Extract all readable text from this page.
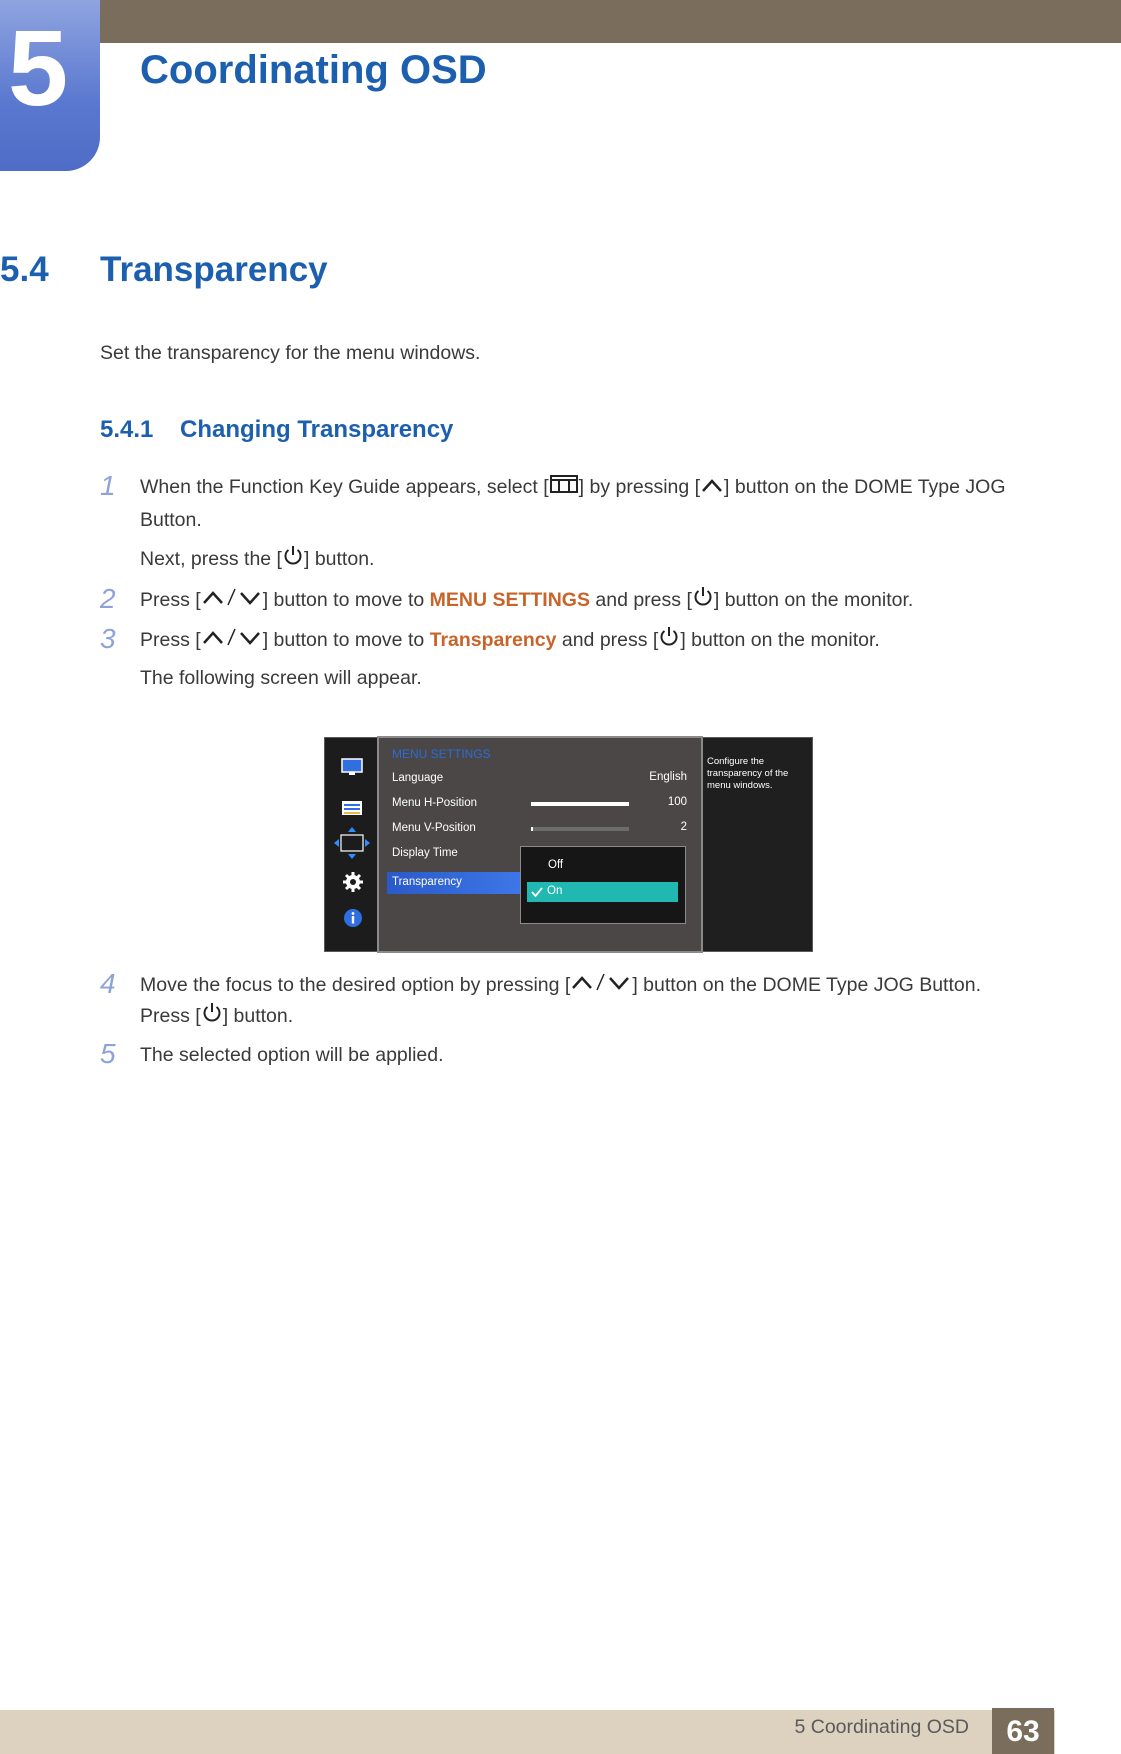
5 Coordinating OSD
5.4 Transparency
Set the transparency for the menu windows.
5.4.1 Changing Transparency
1 When the Function Key Guide appears, select [ ] by pressing [ ] button on the DOME Type JOG Button.
Next, press the [ ] button.
2 Press [	] button to move to MENU SETTINGS and press [ ] button on the monitor.
3 Press [	] button to move to Transparency and press [ ] button on the monitor.
The following screen will appear.
MENU SETTINGS
Language	English
Menu H-Position	100
Menu V-Position	2
Display Time
Transparency
Off
On
Configure the transparency of the menu windows.
4 Move the focus to the desired option by pressing [	] button on the DOME Type JOG Button.
Press [ ] button.
5 The selected option will be applied.
5 Coordinating OSD	63
